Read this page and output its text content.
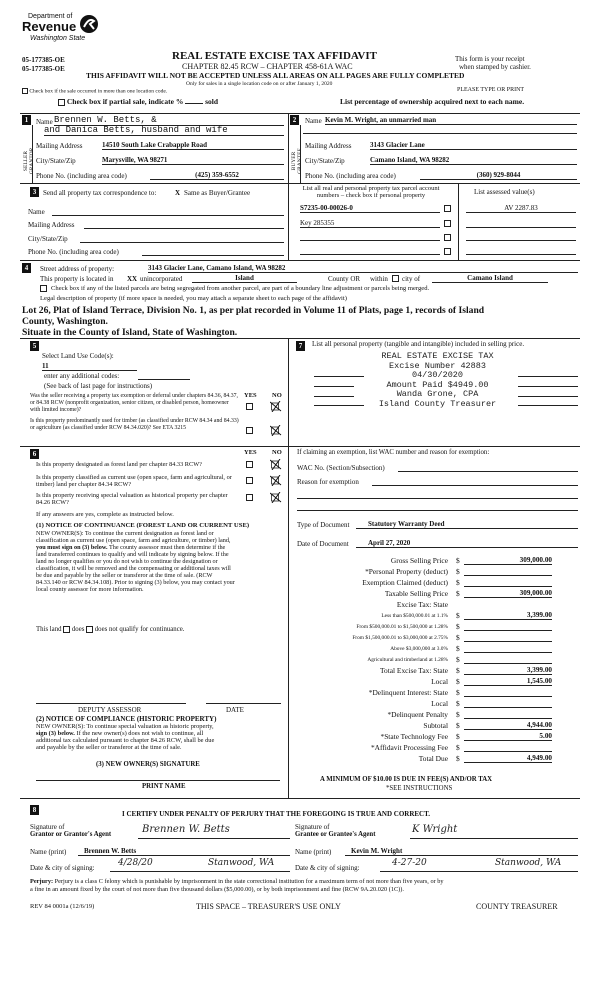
Department of
Revenue
Washington State
05-177385-OE
05-177385-OE
REAL ESTATE EXCISE TAX AFFIDAVIT
CHAPTER 82.45 RCW – CHAPTER 458-61A WAC
THIS AFFIDAVIT WILL NOT BE ACCEPTED UNLESS ALL AREAS ON ALL PAGES ARE FULLY COMPLETED
Only for sales in a single location code on or after January 1, 2020
This form is your receipt
when stamped by cashier.
PLEASE TYPE OR PRINT
Check box if the sale occurred in more than one location code.
Check box if partial sale, indicate %	sold	List percentage of ownership acquired next to each name.
1	2
SELLER GRANTOR
Name Brennen W. Betts, &
and Danica Betts, husband and wife
Mailing Address	14510 South Lake Crabapple Road
City/State/Zip	Marysville, WA 98271
Phone No. (including area code)	(425) 359-6552
BUYER GRANTEE
Name Kevin M. Wright, an unmarried man
Mailing Address	3143 Glacier Lane
City/State/Zip	Camano Island, WA 98282
Phone No. (including area code)	(360) 929-8044
3 Send all property tax correspondence to:	X Same as Buyer/Grantee
Name
Mailing Address
City/State/Zip
Phone No. (including area code)
List all real and personal property tax parcel account numbers – check box if personal property	List assessed value(s)
S7235-00-00026-0	AV 2287.83
Key 285355
4	Street address of property:	3143 Glacier Lane, Camano Island, WA 98282
This property is located in XX unincorporated	Island	County OR within city of	Camano Island
Check box if any of the listed parcels are being segregated from another parcel, are part of a boundary line adjustment or parcels being merged.
Legal description of property (if more space is needed, you may attach a separate sheet to each page of the affidavit)
Lot 26, Plat of Island Terrace, Division No. 1, as per plat recorded in Volume 11 of Plats, page 1, records of Island
County, Washington.
Situate in the County of Island, State of Washington.
5
Select Land Use Code(s):
11
enter any additional codes:
(See back of last page for instructions)
YES NO
Was the seller receiving a property tax exemption or deferral under chapters 84.36, 84.37, or 84.38 RCW (nonprofit organization, senior citizen, or disabled person, homeowner with limited income)?
Is this property predominantly used for timber (as classified under RCW 84.34 and 84.33) or agriculture (as classified under RCW 84.34.020)? See ETA 3215
7	List all personal property (tangible and intangible) included in selling price.
REAL ESTATE EXCISE TAX
Excise Number 42883
04/30/2020
Amount Paid $4949.00
Wanda Grone, CPA
Island County Treasurer
6	YES NO
Is this property designated as forest land per chapter 84.33 RCW?
Is this property classified as current use (open space, farm and agricultural, or timber) land per chapter 84.34 RCW?
Is this property receiving special valuation as historical property per chapter 84.26 RCW?
If any answers are yes, complete as instructed below.
(1) NOTICE OF CONTINUANCE (FOREST LAND OR CURRENT USE)
NEW OWNER(S): To continue the current designation as forest land or
classification as current use (open space, farm and agriculture, or timber) land,
you must sign on (3) below. The county assessor must then determine if the
land transferred continues to qualify and will indicate by signing below. If the
land no longer qualifies or you do not wish to continue the designation or
classification, it will be removed and the compensating or additional taxes will
be due and payable by the seller or transferor at the time of sale. (RCW
84.33.140 or RCW 84.34.108). Prior to signing (3) below, you may contact your
local county assessor for more information.
This land does does not qualify for continuance.
DEPUTY ASSESSOR	DATE
(2) NOTICE OF COMPLIANCE (HISTORIC PROPERTY)
NEW OWNER(S): To continue special valuation as historic property,
sign (3) below. If the new owner(s) does not wish to continue, all
additional tax calculated pursuant to chapter 84.26 RCW, shall be due
and payable by the seller or transferor at the time of sale.
(3) NEW OWNER(S) SIGNATURE
PRINT NAME
If claiming an exemption, list WAC number and reason for exemption:
WAC No. (Section/Subsection)
Reason for exemption
Type of Document	Statutory Warranty Deed
Date of Document	April 27, 2020
Gross Selling Price $	309,000.00
*Personal Property (deduct) $
Exemption Claimed (deduct) $
Taxable Selling Price $	309,000.00
Excise Tax: State
Less than $500,000.01 at 1.1% $	3,399.00
From $500,000.01 to $1,500,000 at 1.28% $
From $1,500,000.01 to $3,000,000 at 2.75% $
Above $3,000,000 at 3.0% $
Agricultural and timberland at 1.28% $
Total Excise Tax: State $	3,399.00
Local $	1,545.00
*Delinquent Interest: State $
Local $
*Delinquent Penalty $
Subtotal $	4,944.00
*State Technology Fee $	5.00
*Affidavit Processing Fee $
Total Due $	4,949.00
A MINIMUM OF $10.00 IS DUE IN FEE(S) AND/OR TAX
*SEE INSTRUCTIONS
8	I CERTIFY UNDER PENALTY OF PERJURY THAT THE FOREGOING IS TRUE AND CORRECT.
Signature of
Grantor or Grantor's Agent	Brennen W. Betts	Signature of
Grantee or Grantee's Agent	K Wright
Name (print)	Brennen W. Betts	Name (print)	Kevin M. Wright
Date & city of signing:	4/28/20	Stanwood, WA	Date & city of signing:	4-27-20	Stanwood, WA
Perjury: Perjury is a class C felony which is punishable by imprisonment in the state correctional institution for a maximum term of not more than five years, or by
a fine in an amount fixed by the court of not more than five thousand dollars ($5,000.00), or by both imprisonment and fine (RCW 9A.20.020 (1C)).
REV 84 0001a (12/6/19)	THIS SPACE – TREASURER'S USE ONLY	COUNTY TREASURER
